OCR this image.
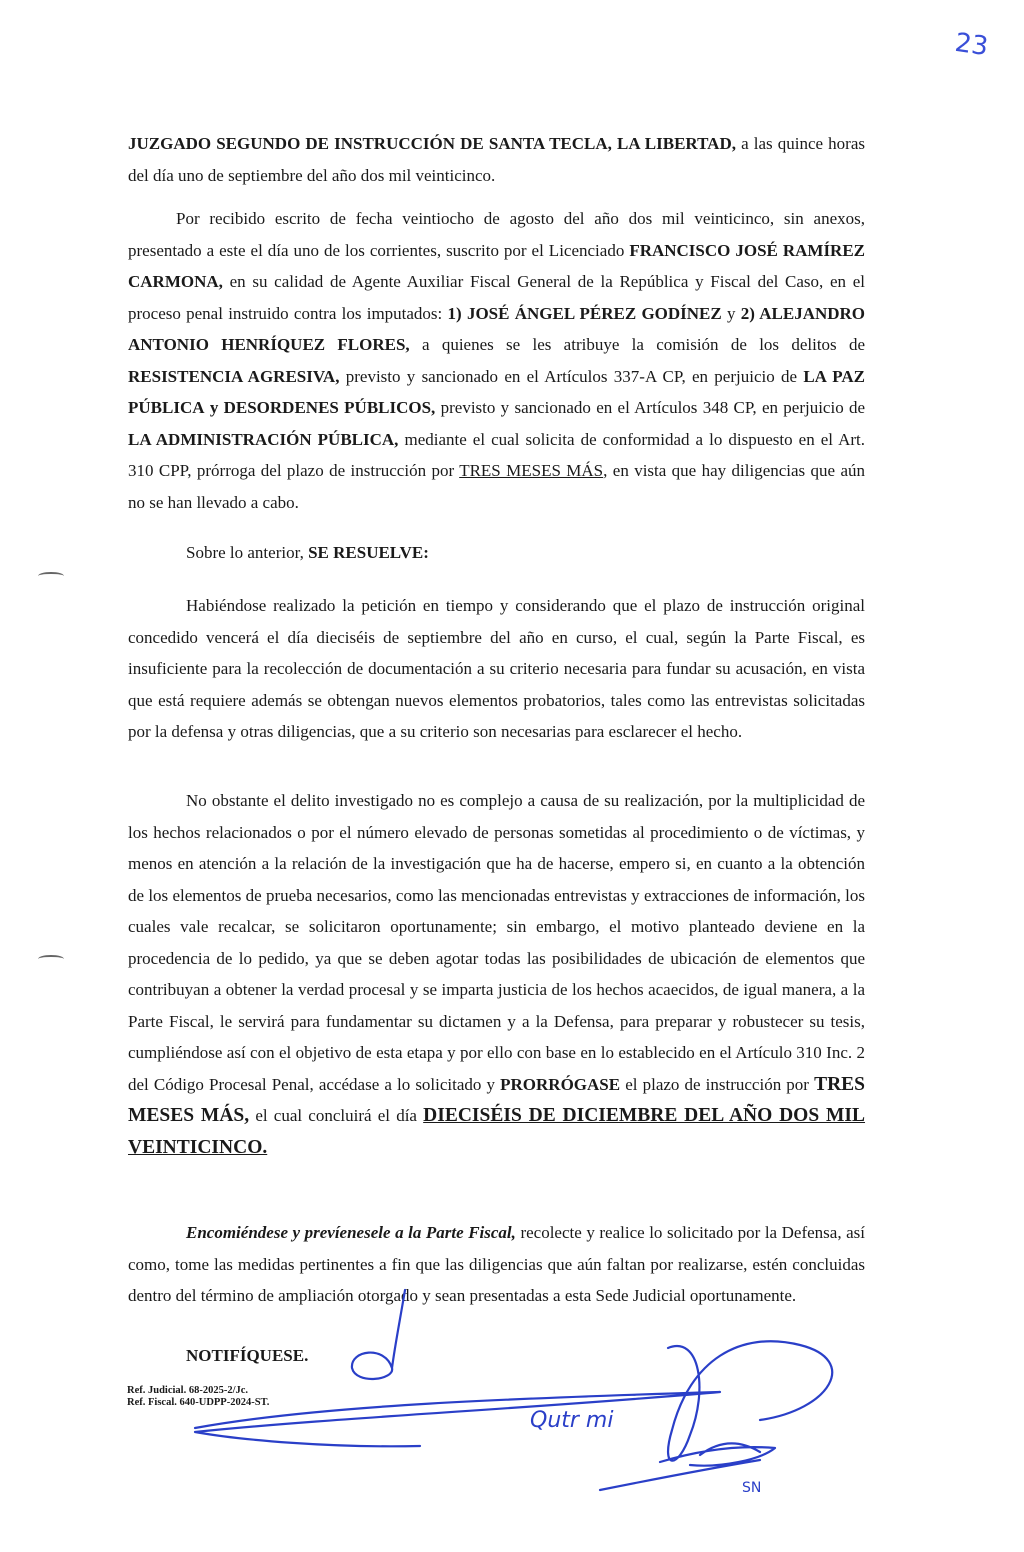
23

JUZGADO SEGUNDO DE INSTRUCCIÓN DE SANTA TECLA, LA LIBERTAD, a las quince horas del día uno de septiembre del año dos mil veinticinco.

Por recibido escrito de fecha veintiocho de agosto del año dos mil veinticinco, sin anexos, presentado a este el día uno de los corrientes, suscrito por el Licenciado FRANCISCO JOSÉ RAMÍREZ CARMONA, en su calidad de Agente Auxiliar Fiscal General de la República y Fiscal del Caso, en el proceso penal instruido contra los imputados: 1) JOSÉ ÁNGEL PÉREZ GODÍNEZ y 2) ALEJANDRO ANTONIO HENRÍQUEZ FLORES, a quienes se les atribuye la comisión de los delitos de RESISTENCIA AGRESIVA, previsto y sancionado en el Artículos 337-A CP, en perjuicio de LA PAZ PÚBLICA y DESORDENES PÚBLICOS, previsto y sancionado en el Artículos 348 CP, en perjuicio de LA ADMINISTRACIÓN PÚBLICA, mediante el cual solicita de conformidad a lo dispuesto en el Art. 310 CPP, prórroga del plazo de instrucción por TRES MESES MÁS, en vista que hay diligencias que aún no se han llevado a cabo.

Sobre lo anterior, SE RESUELVE:

Habiéndose realizado la petición en tiempo y considerando que el plazo de instrucción original concedido vencerá el día dieciséis de septiembre del año en curso, el cual, según la Parte Fiscal, es insuficiente para la recolección de documentación a su criterio necesaria para fundar su acusación, en vista que está requiere además se obtengan nuevos elementos probatorios, tales como las entrevistas solicitadas por la defensa y otras diligencias, que a su criterio son necesarias para esclarecer el hecho.

No obstante el delito investigado no es complejo a causa de su realización, por la multiplicidad de los hechos relacionados o por el número elevado de personas sometidas al procedimiento o de víctimas, y menos en atención a la relación de la investigación que ha de hacerse, empero si, en cuanto a la obtención de los elementos de prueba necesarios, como las mencionadas entrevistas y extracciones de información, los cuales vale recalcar, se solicitaron oportunamente; sin embargo, el motivo planteado deviene en la procedencia de lo pedido, ya que se deben agotar todas las posibilidades de ubicación de elementos que contribuyan a obtener la verdad procesal y se imparta justicia de los hechos acaecidos, de igual manera, a la Parte Fiscal, le servirá para fundamentar su dictamen y a la Defensa, para preparar y robustecer su tesis, cumpliéndose así con el objetivo de esta etapa y por ello con base en lo establecido en el Artículo 310 Inc. 2 del Código Procesal Penal, accédase a lo solicitado y PRORRÓGASE el plazo de instrucción por TRES MESES MÁS, el cual concluirá el día DIECISÉIS DE DICIEMBRE DEL AÑO DOS MIL VEINTICINCO.

Encomiéndese y prevíenesele a la Parte Fiscal, recolecte y realice lo solicitado por la Defensa, así como, tome las medidas pertinentes a fin que las diligencias que aún faltan por realizarse, estén concluidas dentro del término de ampliación otorgado y sean presentadas a esta Sede Judicial oportunamente.

NOTIFÍQUESE.

Ref. Judicial. 68-2025-2/Jc.
Ref. Fiscal. 640-UDPP-2024-ST.
Qutr mi
SN
